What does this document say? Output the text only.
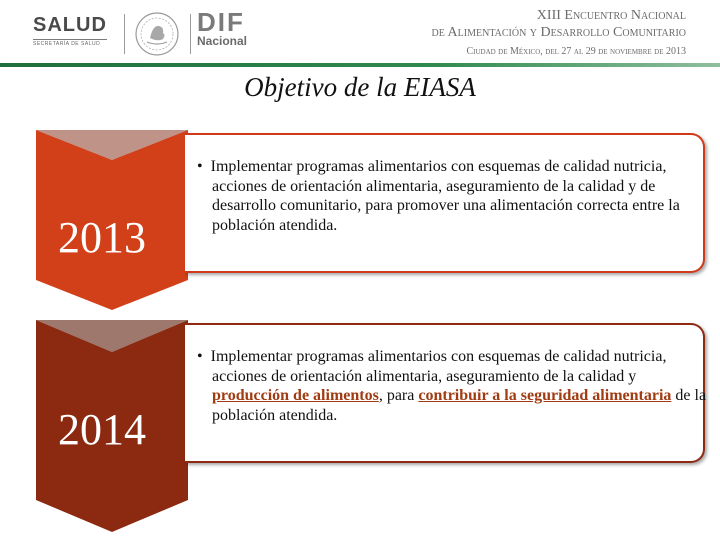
SALUD
SECRETARÍA DE SALUD
DIF
Nacional
XIII Encuentro Nacional
de Alimentación y Desarrollo Comunitario
Ciudad de México, del 27 al 29 de noviembre de 2013
Objetivo de la EIASA
2013
•  Implementar programas alimentarios con esquemas de calidad nutricia, acciones de orientación alimentaria, aseguramiento de la calidad y de desarrollo comunitario, para promover una alimentación correcta entre la población atendida.
2014
•  Implementar programas alimentarios con esquemas de calidad nutricia, acciones de orientación alimentaria, aseguramiento de la calidad y producción de alimentos, para contribuir a la seguridad alimentaria de la población atendida.
